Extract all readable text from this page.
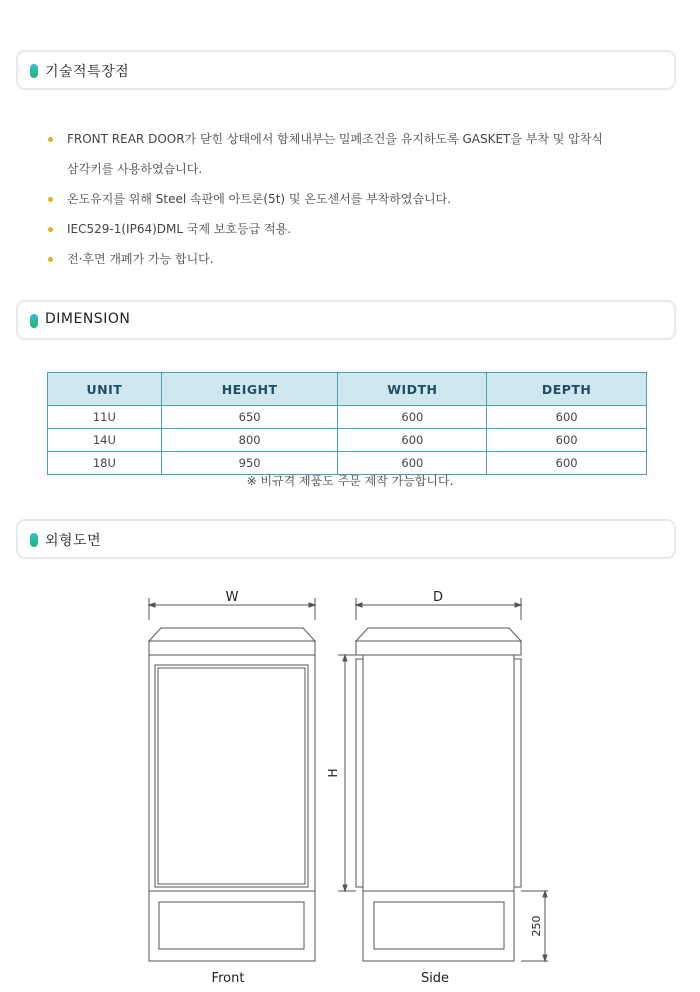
기술적특장점
FRONT REAR DOOR가 닫힌 상태에서 함체내부는 밀폐조건을 유지하도록 GASKET을 부착 및 압착식
삼각키를 사용하였습니다.
온도유지를 위해 Steel 속판에 아트론(5t) 및 온도센서를 부착하였습니다.
IEC529-1(IP64)DML 국제 보호등급 적용.
전·후면 개폐가 가능 합니다.
DIMENSION
UNIT	HEIGHT	WIDTH	DEPTH
11U	650	600	600
14U	800	600	600
18U	950	600	600
※ 비규격 제품도 주문 제작 가능합니다.
외형도면
W	D
H
250
Front	Side
